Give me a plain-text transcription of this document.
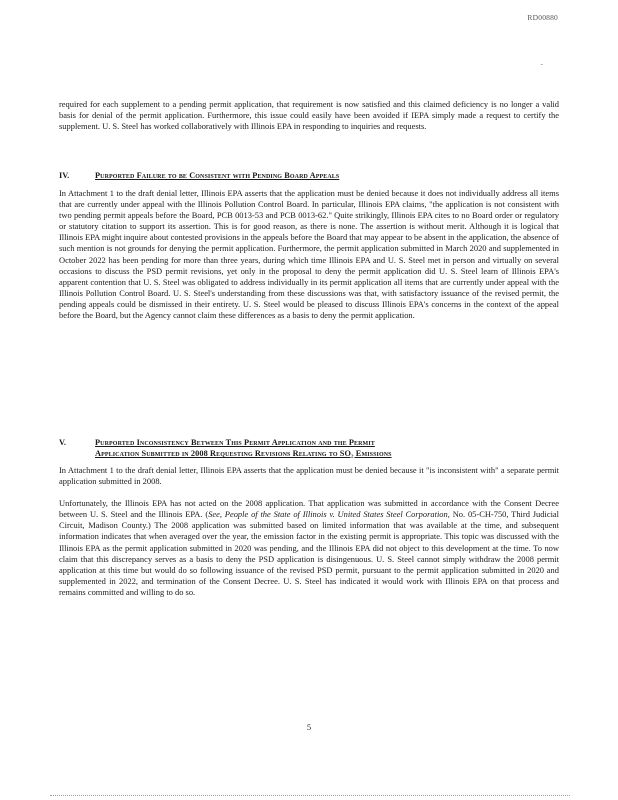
RD00880
-

required for each supplement to a pending permit application, that requirement is now satisfied and this claimed deficiency is no longer a valid basis for denial of the permit application. Furthermore, this issue could easily have been avoided if IEPA simply made a request to certify the supplement. U. S. Steel has worked collaboratively with Illinois EPA in responding to inquiries and requests.

IV.	Purported Failure to be Consistent with Pending Board Appeals

In Attachment 1 to the draft denial letter, Illinois EPA asserts that the application must be denied because it does not individually address all items that are currently under appeal with the Illinois Pollution Control Board. In particular, Illinois EPA claims, "the application is not consistent with two pending permit appeals before the Board, PCB 0013-53 and PCB 0013-62." Quite strikingly, Illinois EPA cites to no Board order or regulatory or statutory citation to support its assertion. This is for good reason, as there is none. The assertion is without merit. Although it is logical that Illinois EPA might inquire about contested provisions in the appeals before the Board that may appear to be absent in the application, the absence of such mention is not grounds for denying the permit application. Furthermore, the permit application submitted in March 2020 and supplemented in October 2022 has been pending for more than three years, during which time Illinois EPA and U. S. Steel met in person and virtually on several occasions to discuss the PSD permit revisions, yet only in the proposal to deny the permit application did U. S. Steel learn of Illinois EPA's apparent contention that U. S. Steel was obligated to address individually in its permit application all items that are currently under appeal with the Illinois Pollution Control Board. U. S. Steel's understanding from these discussions was that, with satisfactory issuance of the revised permit, the pending appeals could be dismissed in their entirety. U. S. Steel would be pleased to discuss Illinois EPA's concerns in the context of the appeal before the Board, but the Agency cannot claim these differences as a basis to deny the permit application.

V.	Purported Inconsistency Between This Permit Application and the Permit
Application Submitted in 2008 Requesting Revisions Relating to SO₂ Emissions

In Attachment 1 to the draft denial letter, Illinois EPA asserts that the application must be denied because it "is inconsistent with" a separate permit application submitted in 2008.

Unfortunately, the Illinois EPA has not acted on the 2008 application. That application was submitted in accordance with the Consent Decree between U. S. Steel and the Illinois EPA. (See, People of the State of Illinois v. United States Steel Corporation, No. 05-CH-750, Third Judicial Circuit, Madison County.) The 2008 application was submitted based on limited information that was available at the time, and subsequent information indicates that when averaged over the year, the emission factor in the existing permit is appropriate. This topic was discussed with the Illinois EPA as the permit application submitted in 2020 was pending, and the Illinois EPA did not object to this development at the time. To now claim that this discrepancy serves as a basis to deny the PSD application is disingenuous. U. S. Steel cannot simply withdraw the 2008 permit application at this time but would do so following issuance of the revised PSD permit, pursuant to the permit application submitted in 2020 and supplemented in 2022, and termination of the Consent Decree. U. S. Steel has indicated it would work with Illinois EPA on that process and remains committed and willing to do so.

5
